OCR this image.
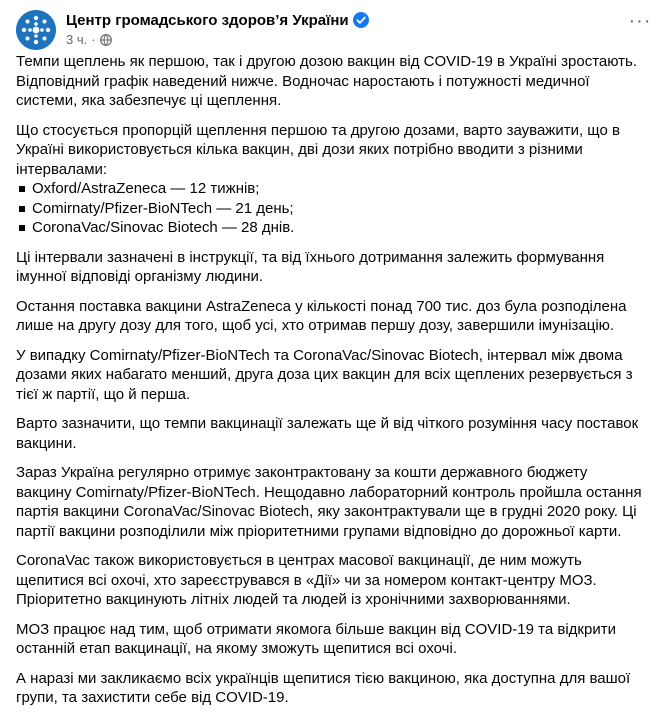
Центр громадського здоров’я України
3 ч. ·
···

Темпи щеплень як першою, так і другою дозою вакцин від COVID-19 в Україні зростають. Відповідний графік наведений нижче. Водночас наростають і потужності медичної системи, яка забезпечує ці щеплення.

Що стосується пропорцій щеплення першою та другою дозами, варто зауважити, що в Україні використовується кілька вакцин, дві дози яких потрібно вводити з різними інтервалами:

Oxford/AstraZeneca — 12 тижнів;
Comirnaty/Pfizer-BioNTech — 21 день;
CoronaVac/Sinovac Biotech — 28 днів.

Ці інтервали зазначені в інструкції, та від їхнього дотримання залежить формування імунної відповіді організму людини.

Остання поставка вакцини AstraZeneca у кількості понад 700 тис. доз була розподілена лише на другу дозу для того, щоб усі, хто отримав першу дозу, завершили імунізацію.

У випадку Comirnaty/Pfizer-BioNTech та CoronaVac/Sinovac Biotech, інтервал між двома дозами яких набагато менший, друга доза цих вакцин для всіх щеплених резервується з тієї ж партії, що й перша.

Варто зазначити, що темпи вакцинації залежать ще й від чіткого розуміння часу поставок вакцини.

Зараз Україна регулярно отримує законтрактовану за кошти державного бюджету вакцину Comirnaty/Pfizer-BioNTech. Нещодавно лабораторний контроль пройшла остання партія вакцини CoronaVac/Sinovac Biotech, яку законтрактували ще в грудні 2020 року. Ці партії вакцини розподілили між пріоритетними групами відповідно до дорожньої карти.

CoronaVac також використовується в центрах масової вакцинації, де ним можуть щепитися всі охочі, хто зареєструвався в «Дії» чи за номером контакт-центру МОЗ. Пріоритетно вакцинують літніх людей та людей із хронічними захворюваннями.

МОЗ працює над тим, щоб отримати якомога більше вакцин від COVID-19 та відкрити останній етап вакцинації, на якому зможуть щепитися всі охочі.

А наразі ми закликаємо всіх українців щепитися тією вакциною, яка доступна для вашої групи, та захистити себе від COVID-19.
